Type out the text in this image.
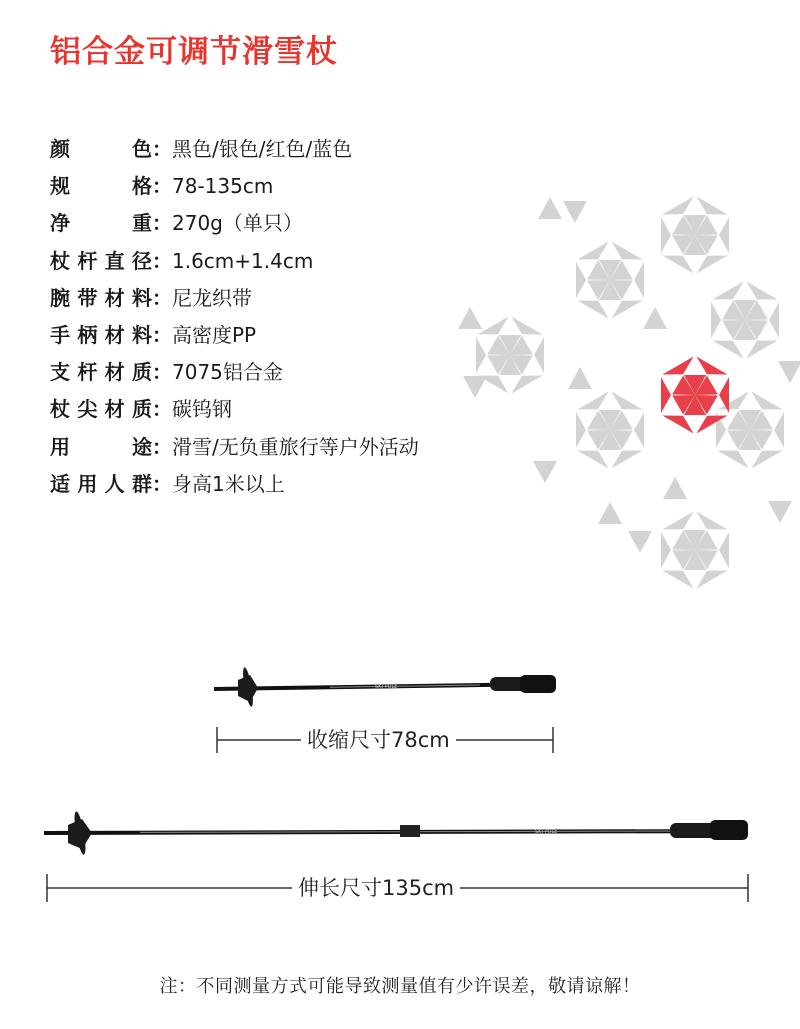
铝合金可调节滑雪杖
颜色：黑色/银色/红色/蓝色
规格：78-135cm
净重：270g（单只）
杖杆直径：1.6cm+1.4cm
腕带材料：尼龙织带
手柄材料：高密度PP
支杆材质：7075铝合金
杖尖材质：碳钨钢
用途：滑雪/无负重旅行等户外活动
适用人群：身高1米以上
SKI POLE
收缩尺寸78cm
SKI POLE
伸长尺寸135cm
注：不同测量方式可能导致测量值有少许误差，敬请谅解！
